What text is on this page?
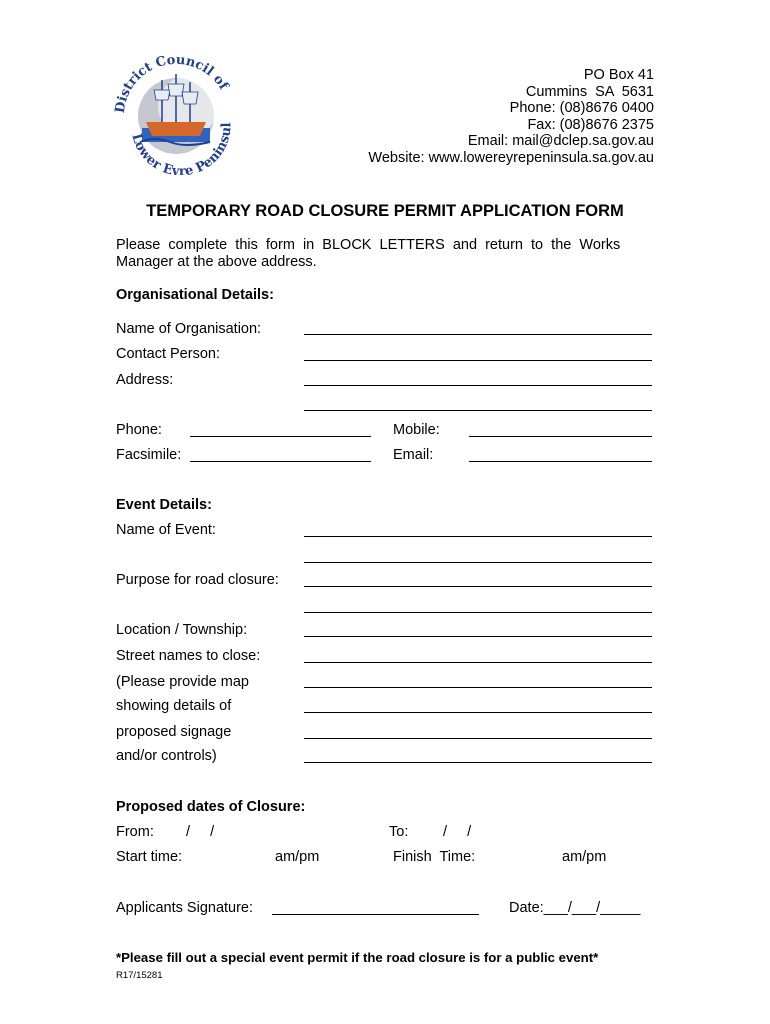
District Council of
Lower Eyre Peninsul
PO Box 41
Cummins  SA  5631
Phone: (08)8676 0400
Fax: (08)8676 2375
Email: mail@dclep.sa.gov.au
Website: www.lowereyrepeninsula.sa.gov.au
TEMPORARY ROAD CLOSURE PERMIT APPLICATION FORM
Please  complete  this  form  in  BLOCK  LETTERS  and  return  to  the  Works
Manager at the above address.
Organisational Details:
Name of Organisation:
Contact Person:
Address:
Phone:	Mobile:
Facsimile:	Email:
Event Details:
Name of Event:
Purpose for road closure:
Location / Township:
Street names to close:
(Please provide map
showing details of
proposed signage
and/or controls)
Proposed dates of Closure:
From: /     /	To: /     /
Start time:	am/pm	Finish  Time:	am/pm
Applicants Signature:	Date:___/___/_____
*Please fill out a special event permit if the road closure is for a public event*
R17/15281
